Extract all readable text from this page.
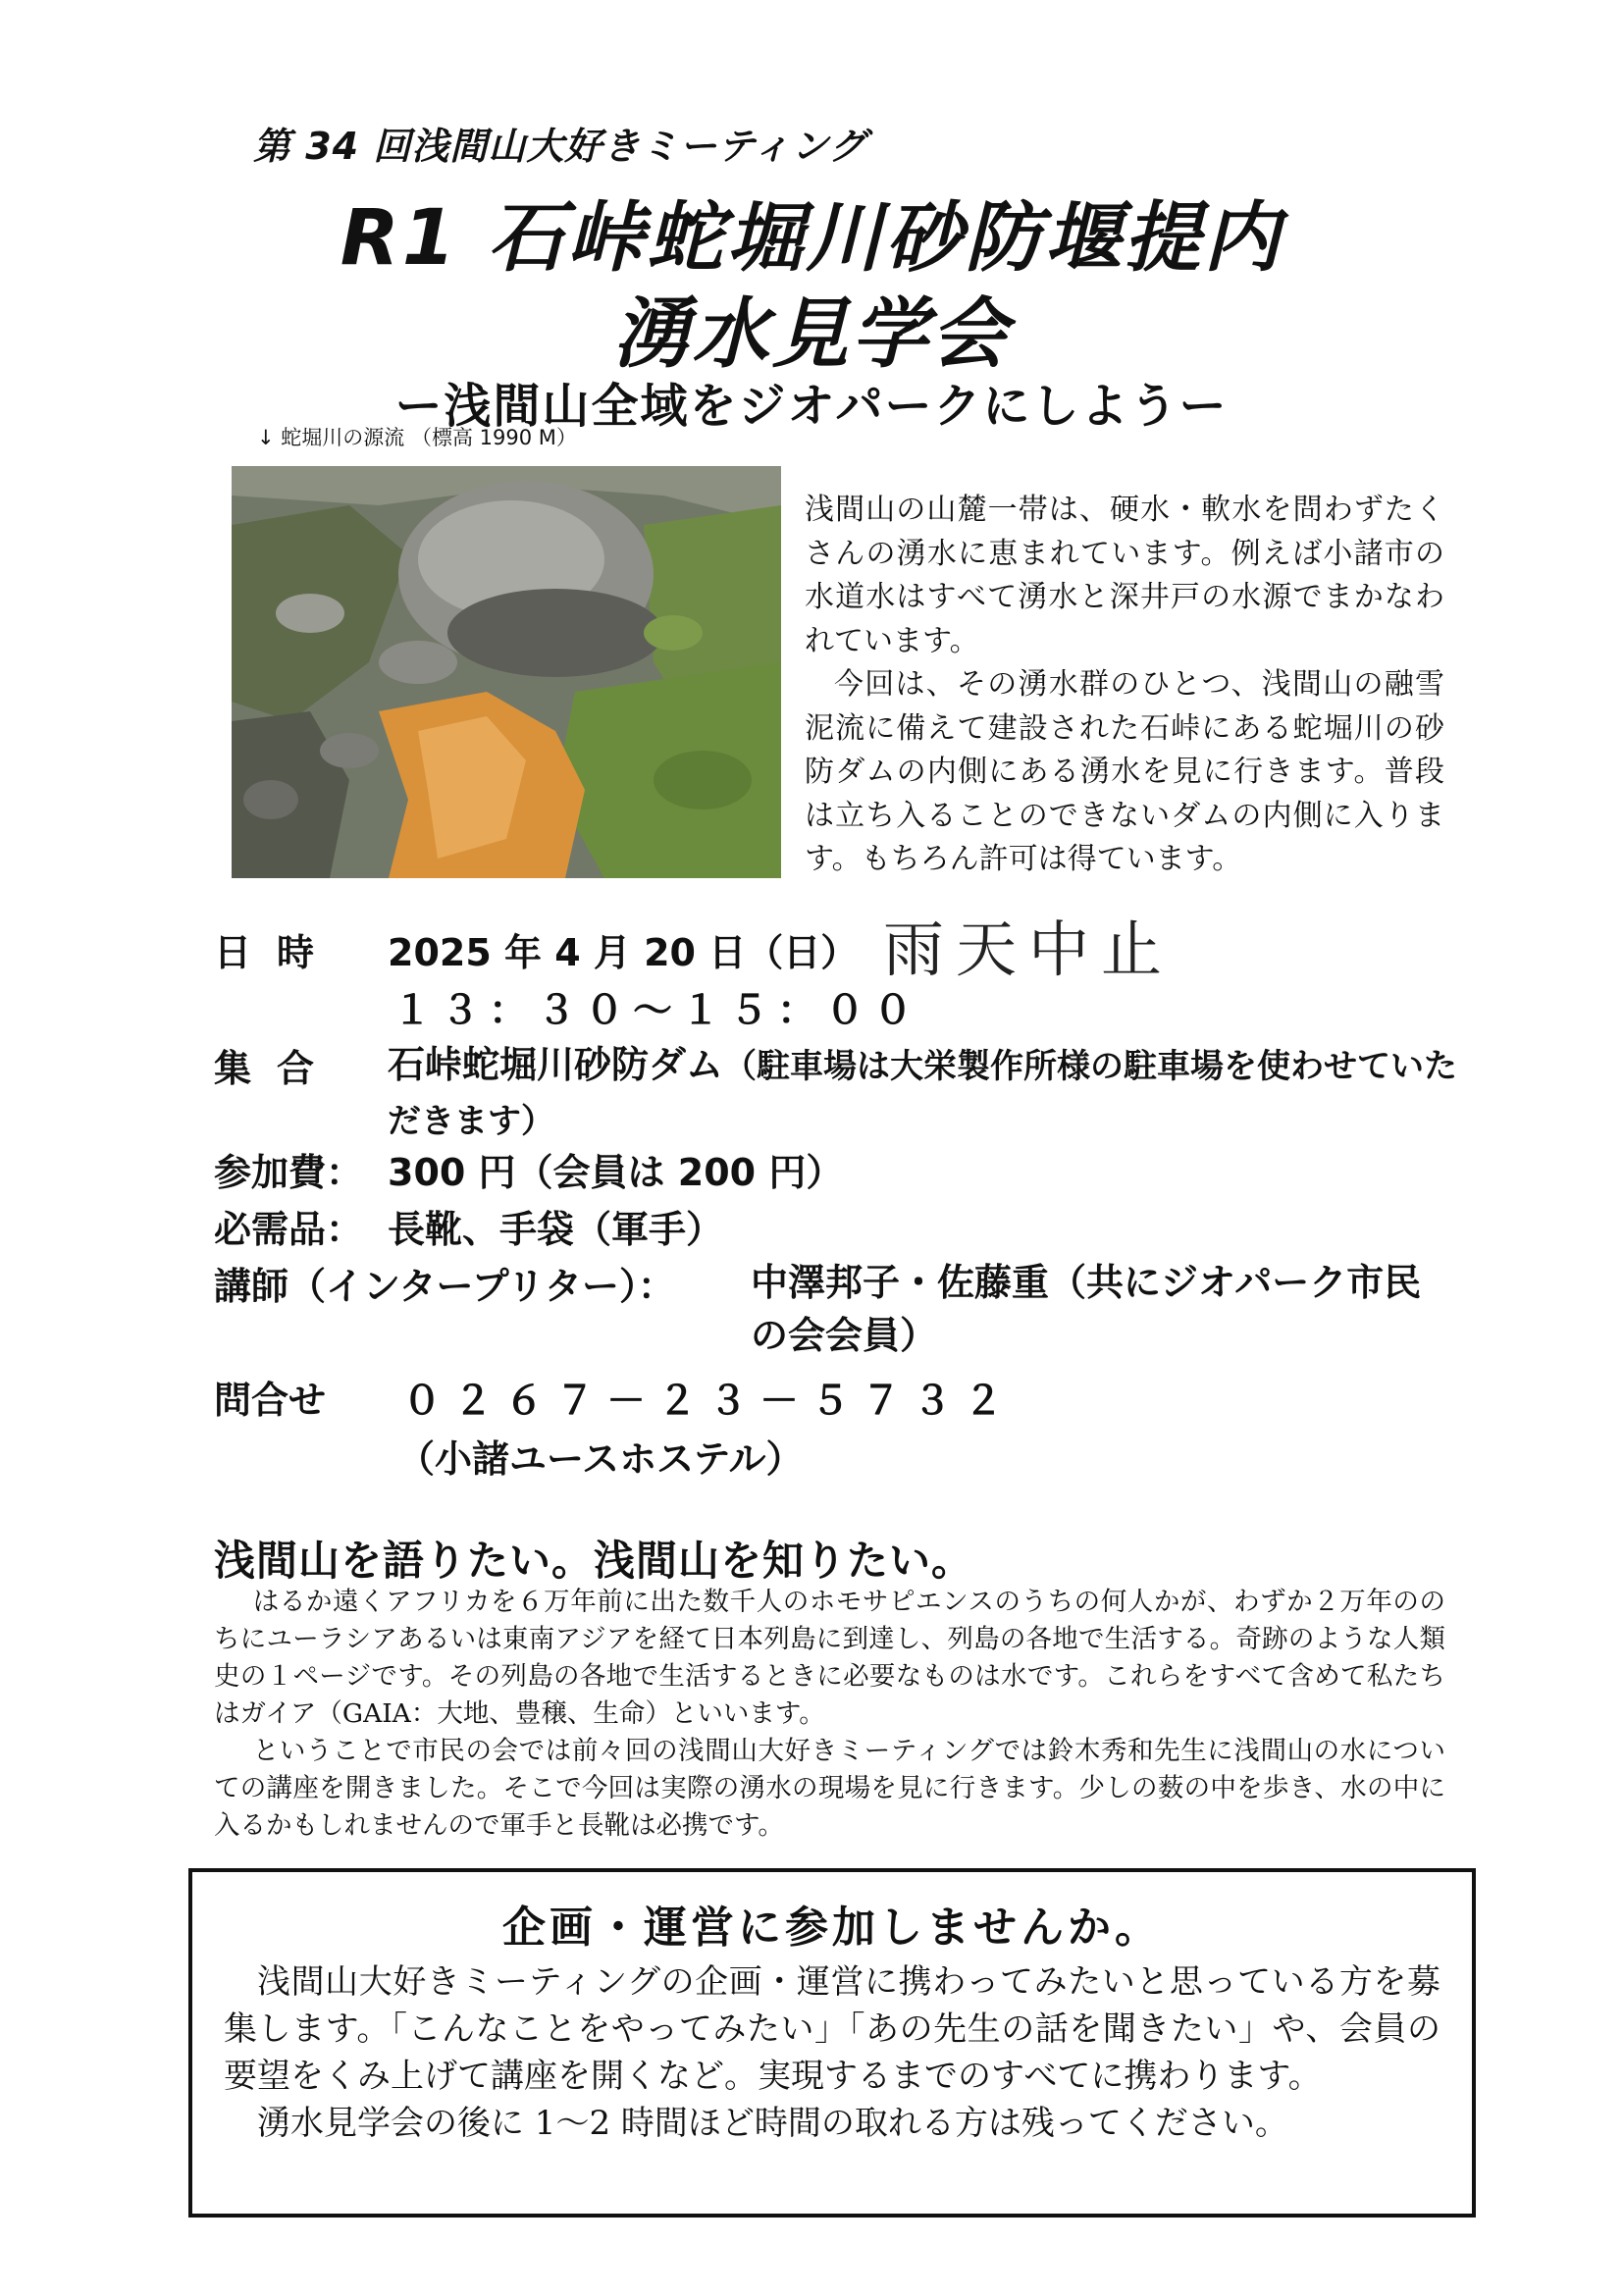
第 34 回浅間山大好きミーティング
R1 石峠蛇堀川砂防堰提内
湧水見学会
ー浅間山全域をジオパークにしようー
↓ 蛇堀川の源流 （標高 1990 M）

浅間山の山麓一帯は、硬水・軟水を問わずたくさんの湧水に恵まれています。例えば小諸市の水道水はすべて湧水と深井戸の水源でまかなわれています。

今回は、その湧水群のひとつ、浅間山の融雪泥流に備えて建設された石峠にある蛇堀川の砂防ダムの内側にある湧水を見に行きます。普段は立ち入ることのできないダムの内側に入ります。もちろん許可は得ています。

日時 2025 年 4 月 20 日（日） 雨天中止
１３：３０〜１５：００
集合 石峠蛇堀川砂防ダム（駐車場は大栄製作所様の駐車場を使わせていただきます）
参加費： 300 円（会員は 200 円）
必需品： 長靴、手袋（軍手）
講師（インタープリター）： 中澤邦子・佐藤重（共にジオパーク市民の会会員）
問合せ ０２６７－２３－５７３２
（小諸ユースホステル）
浅間山を語りたい。浅間山を知りたい。

はるか遠くアフリカを６万年前に出た数千人のホモサピエンスのうちの何人かが、わずか２万年ののちにユーラシアあるいは東南アジアを経て日本列島に到達し、列島の各地で生活する。奇跡のような人類史の１ページです。その列島の各地で生活するときに必要なものは水です。これらをすべて含めて私たちはガイア（GAIA：大地、豊穣、生命）といいます。

ということで市民の会では前々回の浅間山大好きミーティングでは鈴木秀和先生に浅間山の水についての講座を開きました。そこで今回は実際の湧水の現場を見に行きます。少しの薮の中を歩き、水の中に入るかもしれませんので軍手と長靴は必携です。

企画・運営に参加しませんか。

浅間山大好きミーティングの企画・運営に携わってみたいと思っている方を募集します。「こんなことをやってみたい」「あの先生の話を聞きたい」や、会員の要望をくみ上げて講座を開くなど。実現するまでのすべてに携わります。

湧水見学会の後に 1〜2 時間ほど時間の取れる方は残ってください。
